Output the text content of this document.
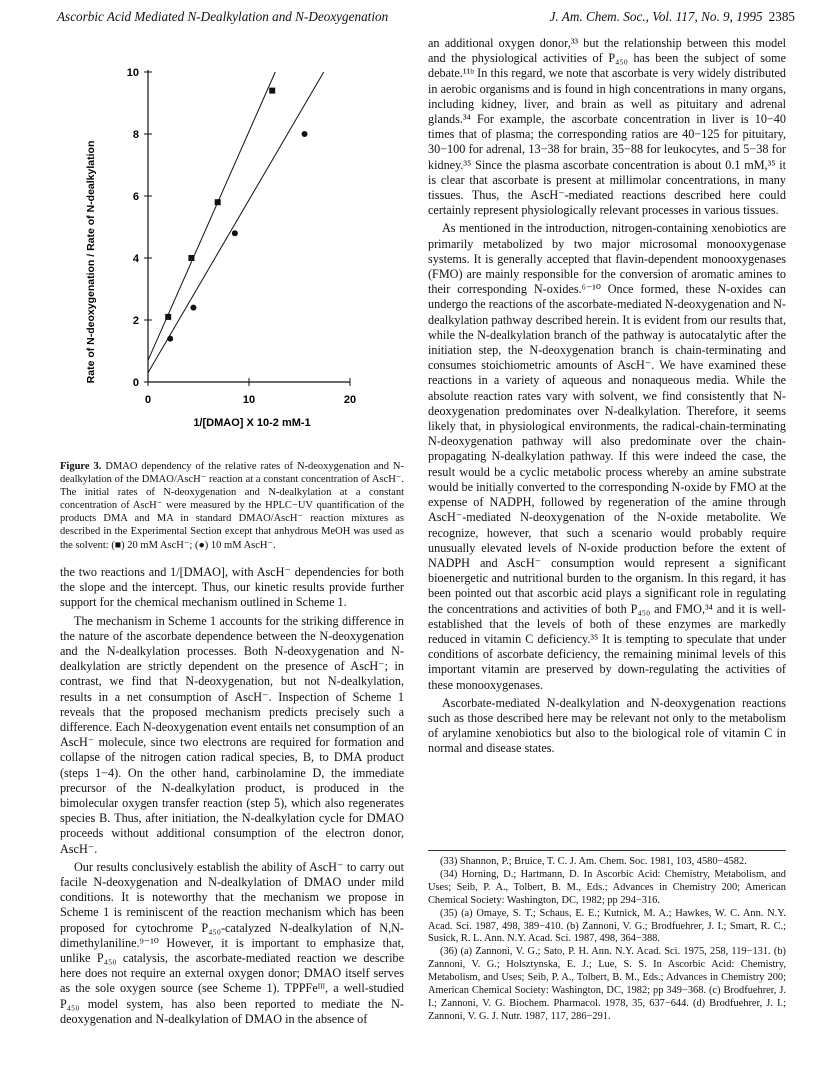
Ascorbic Acid Mediated N-Dealkylation and N-Deoxygenation	J. Am. Chem. Soc., Vol. 117, No. 9, 1995 2385
0
2
4
6
8
10
0	10	20
Rate of N-deoxygenation / Rate of N-dealkylation
1/[DMAO] X 10-2 mM-1
Figure 3. DMAO dependency of the relative rates of N-deoxygenation and N-dealkylation of the DMAO/AscH⁻ reaction at a constant concentration of AscH⁻. The initial rates of N-deoxygenation and N-dealkylation at a constant concentration of AscH⁻ were measured by the HPLC−UV quantification of the products DMA and MA in standard DMAO/AscH⁻ reaction mixtures as described in the Experimental Section except that anhydrous MeOH was used as the solvent: (■) 20 mM AscH⁻; (●) 10 mM AscH⁻.

the two reactions and 1/[DMAO], with AscH⁻ dependencies for both the slope and the intercept. Thus, our kinetic results provide further support for the chemical mechanism outlined in Scheme 1.

The mechanism in Scheme 1 accounts for the striking difference in the nature of the ascorbate dependence between the N-deoxygenation and the N-dealkylation processes. Both N-deoxygenation and N-dealkylation are strictly dependent on the presence of AscH⁻; in contrast, we find that N-deoxygenation, but not N-dealkylation, results in a net consumption of AscH⁻. Inspection of Scheme 1 reveals that the proposed mechanism predicts precisely such a difference. Each N-deoxygenation event entails net consumption of an AscH⁻ molecule, since two electrons are required for formation and collapse of the nitrogen cation radical species, B, to DMA product (steps 1−4). On the other hand, carbinolamine D, the immediate precursor of the N-dealkylation product, is produced in the bimolecular oxygen transfer reaction (step 5), which also regenerates species B. Thus, after initiation, the N-dealkylation cycle for DMAO proceeds without additional consumption of the electron donor, AscH⁻.

Our results conclusively establish the ability of AscH⁻ to carry out facile N-deoxygenation and N-dealkylation of DMAO under mild conditions. It is noteworthy that the mechanism we propose in Scheme 1 is reminiscent of the reaction mechanism which has been proposed for cytochrome P₄₅₀-catalyzed N-dealkylation of N,N-dimethylaniline.⁹⁻¹⁰ However, it is important to emphasize that, unlike P₄₅₀ catalysis, the ascorbate-mediated reaction we describe here does not require an external oxygen donor; DMAO itself serves as the sole oxygen source (see Scheme 1). TPPFeᴵᴵᴵ, a well-studied P₄₅₀ model system, has also been reported to mediate the N-deoxygenation and N-dealkylation of DMAO in the absence of

an additional oxygen donor,³³ but the relationship between this model and the physiological activities of P₄₅₀ has been the subject of some debate.¹¹ᵇ In this regard, we note that ascorbate is very widely distributed in aerobic organisms and is found in high concentrations in many organs, including kidney, liver, and brain as well as pituitary and adrenal glands.³⁴ For example, the ascorbate concentration in liver is 10−40 times that of plasma; the corresponding ratios are 40−125 for pituitary, 30−100 for adrenal, 13−38 for brain, 35−88 for leukocytes, and 5−38 for kidney.³⁵ Since the plasma ascorbate concentration is about 0.1 mM,³⁵ it is clear that ascorbate is present at millimolar concentrations, in many tissues. Thus, the AscH⁻-mediated reactions described here could certainly represent physiologically relevant processes in various tissues.

As mentioned in the introduction, nitrogen-containing xenobiotics are primarily metabolized by two major microsomal monooxygenase systems. It is generally accepted that flavin-dependent monooxygenases (FMO) are mainly responsible for the conversion of aromatic amines to their corresponding N-oxides.⁶⁻¹⁰ Once formed, these N-oxides can undergo the reactions of the ascorbate-mediated N-deoxygenation and N-dealkylation pathway described herein. It is evident from our results that, while the N-dealkylation branch of the pathway is autocatalytic after the initiation step, the N-deoxygenation branch is chain-terminating and consumes stoichiometric amounts of AscH⁻. We have examined these reactions in a variety of aqueous and nonaqueous media. While the absolute reaction rates vary with solvent, we find consistently that N-deoxygenation predominates over N-dealkylation. Therefore, it seems likely that, in physiological environments, the radical-chain-terminating N-deoxygenation pathway will also predominate over the chain-propagating N-dealkylation pathway. If this were indeed the case, the result would be a cyclic metabolic process whereby an amine substrate would be initially converted to the corresponding N-oxide by FMO at the expense of NADPH, followed by regeneration of the amine through AscH⁻-mediated N-deoxygenation of the N-oxide metabolite. We recognize, however, that such a scenario would probably require unusually elevated levels of N-oxide production before the extent of NADPH and AscH⁻ consumption would represent a significant bioenergetic and nutritional burden to the organism. In this regard, it has been pointed out that ascorbic acid plays a significant role in regulating the concentrations and activities of both P₄₅₀ and FMO,³⁴ and it is well-established that the levels of both of these enzymes are markedly reduced in vitamin C deficiency.³⁵ It is tempting to speculate that under conditions of ascorbate deficiency, the remaining minimal levels of this important vitamin are preserved by down-regulating the activities of these monooxygenases.

Ascorbate-mediated N-dealkylation and N-deoxygenation reactions such as those described here may be relevant not only to the metabolism of arylamine xenobiotics but also to the biological role of vitamin C in normal and disease states.

(33) Shannon, P.; Bruice, T. C. J. Am. Chem. Soc. 1981, 103, 4580−4582.

(34) Horning, D.; Hartmann, D. In Ascorbic Acid: Chemistry, Metabolism, and Uses; Seib, P. A., Tolbert, B. M., Eds.; Advances in Chemistry 200; American Chemical Society: Washington, DC, 1982; pp 294−316.

(35) (a) Omaye, S. T.; Schaus, E. E.; Kutnick, M. A.; Hawkes, W. C. Ann. N.Y. Acad. Sci. 1987, 498, 389−410. (b) Zannoni, V. G.; Brodfuehrer, J. I.; Smart, R. C.; Susick, R. L. Ann. N.Y. Acad. Sci. 1987, 498, 364−388.

(36) (a) Zannoni, V. G.; Sato, P. H. Ann. N.Y. Acad. Sci. 1975, 258, 119−131. (b) Zannoni, V. G.; Holsztynska, E. J.; Lue, S. S. In Ascorbic Acid: Chemistry, Metabolism, and Uses; Seib, P. A., Tolbert, B. M., Eds.; Advances in Chemistry 200; American Chemical Society: Washington, DC, 1982; pp 349−368. (c) Brodfuehrer, J. I.; Zannoni, V. G. Biochem. Pharmacol. 1978, 35, 637−644. (d) Brodfuehrer, J. I.; Zannoni, V. G. J. Nutr. 1987, 117, 286−291.
